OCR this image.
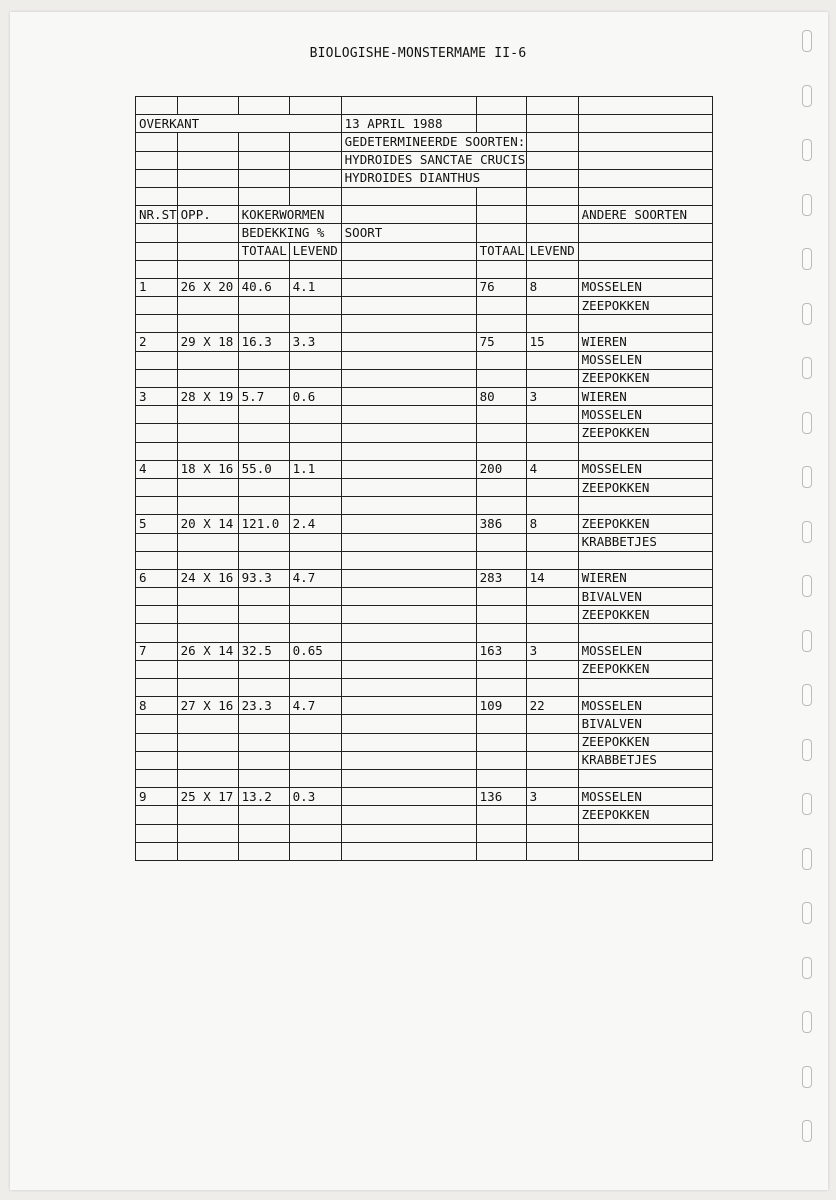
BIOLOGISHE-MONSTERMAME II-6

OVERKANT				13 APRIL 1988			
				GEDETERMINEERDE SOORTEN:			
				HYDROIDES SANCTAE CRUCIS			
				HYDROIDES DIANTHUS			

NR.ST	OPP.	KOKERWORMEN					ANDERE SOORTEN
		BEDEKKING %		SOORT			
		TOTAAL	LEVEND		TOTAAL	LEVEND	

1	26 X 20	40.6	4.1		76	8	MOSSELEN
							ZEEPOKKEN

2	29 X 18	16.3	3.3		75	15	WIEREN
							MOSSELEN
							ZEEPOKKEN
3	28 X 19	5.7	0.6		80	3	WIEREN
							MOSSELEN
							ZEEPOKKEN

4	18 X 16	55.0	1.1		200	4	MOSSELEN
							ZEEPOKKEN

5	20 X 14	121.0	2.4		386	8	ZEEPOKKEN
							KRABBETJES

6	24 X 16	93.3	4.7		283	14	WIEREN
							BIVALVEN
							ZEEPOKKEN

7	26 X 14	32.5	0.65		163	3	MOSSELEN
							ZEEPOKKEN

8	27 X 16	23.3	4.7		109	22	MOSSELEN
							BIVALVEN
							ZEEPOKKEN
							KRABBETJES

9	25 X 17	13.2	0.3		136	3	MOSSELEN
							ZEEPOKKEN
